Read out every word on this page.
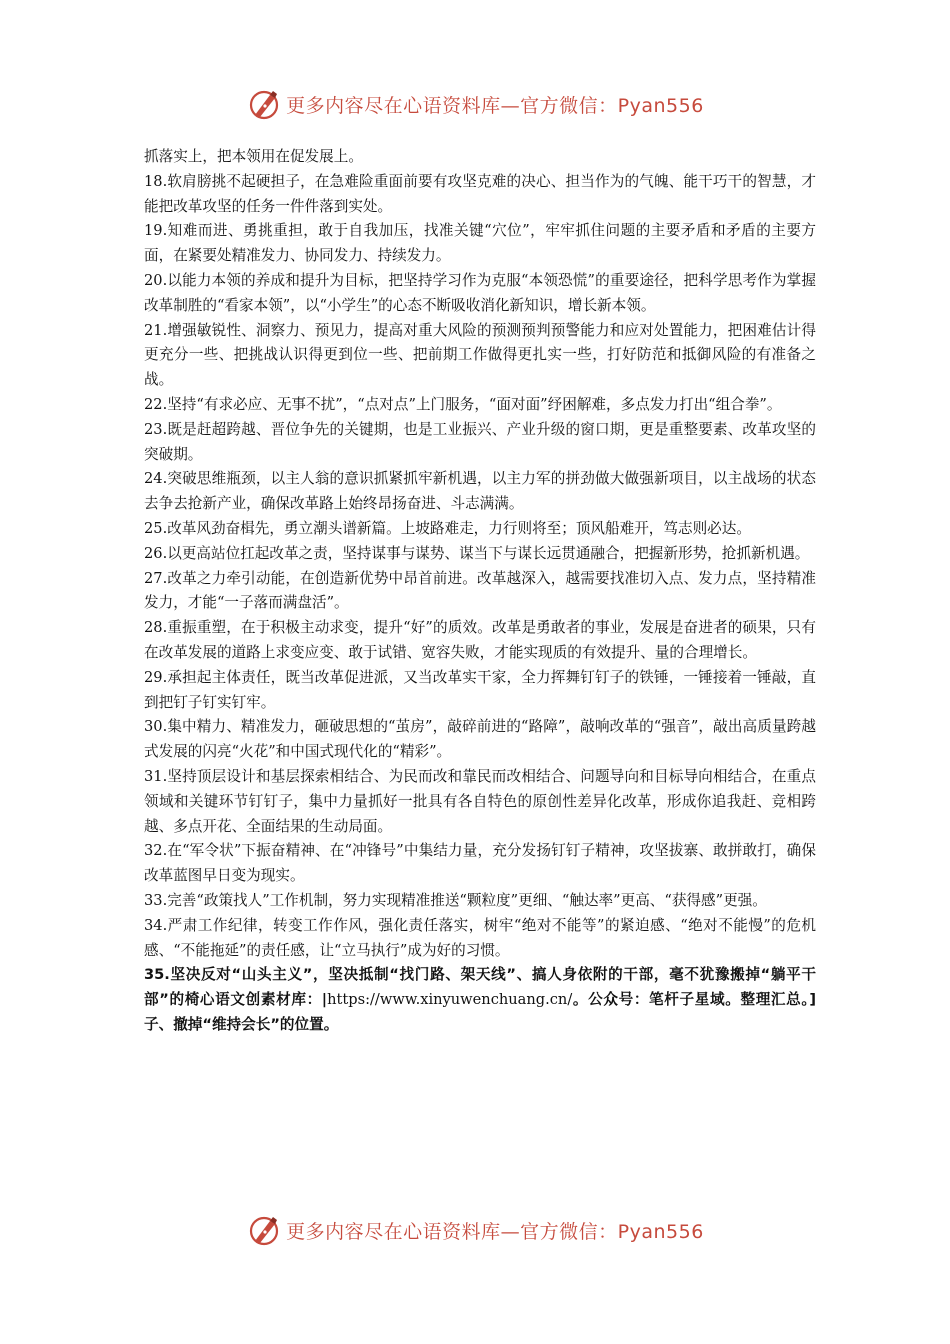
更多内容尽在心语资料库—官方微信：Pyan556

抓落实上，把本领用在促发展上。

18.软肩膀挑不起硬担子，在急难险重面前要有攻坚克难的决心、担当作为的气魄、能干巧干的智慧，才能把改革攻坚的任务一件件落到实处。

19.知难而进、勇挑重担，敢于自我加压，找准关键“穴位”，牢牢抓住问题的主要矛盾和矛盾的主要方面，在紧要处精准发力、协同发力、持续发力。

20.以能力本领的养成和提升为目标，把坚持学习作为克服“本领恐慌”的重要途径，把科学思考作为掌握改革制胜的“看家本领”，以“小学生”的心态不断吸收消化新知识，增长新本领。

21.增强敏锐性、洞察力、预见力，提高对重大风险的预测预判预警能力和应对处置能力，把困难估计得更充分一些、把挑战认识得更到位一些、把前期工作做得更扎实一些，打好防范和抵御风险的有准备之战。

22.坚持“有求必应、无事不扰”，“点对点”上门服务，“面对面”纾困解难，多点发力打出“组合拳”。

23.既是赶超跨越、晋位争先的关键期，也是工业振兴、产业升级的窗口期，更是重整要素、改革攻坚的突破期。

24.突破思维瓶颈，以主人翁的意识抓紧抓牢新机遇，以主力军的拼劲做大做强新项目，以主战场的状态去争去抢新产业，确保改革路上始终昂扬奋进、斗志满满。

25.改革风劲奋楫先，勇立潮头谱新篇。上坡路难走，力行则将至；顶风船难开，笃志则必达。

26.以更高站位扛起改革之责，坚持谋事与谋势、谋当下与谋长远贯通融合，把握新形势，抢抓新机遇。

27.改革之力牵引动能，在创造新优势中昂首前进。改革越深入，越需要找准切入点、发力点，坚持精准发力，才能“一子落而满盘活”。

28.重振重塑，在于积极主动求变，提升“好”的质效。改革是勇敢者的事业，发展是奋进者的硕果，只有在改革发展的道路上求变应变、敢于试错、宽容失败，才能实现质的有效提升、量的合理增长。

29.承担起主体责任，既当改革促进派，又当改革实干家，全力挥舞钉钉子的铁锤，一锤接着一锤敲，直到把钉子钉实钉牢。

30.集中精力、精准发力，砸破思想的“茧房”，敲碎前进的“路障”，敲响改革的“强音”，敲出高质量跨越式发展的闪亮“火花”和中国式现代化的“精彩”。

31.坚持顶层设计和基层探索相结合、为民而改和靠民而改相结合、问题导向和目标导向相结合，在重点领域和关键环节钉钉子，集中力量抓好一批具有各自特色的原创性差异化改革，形成你追我赶、竞相跨越、多点开花、全面结果的生动局面。

32.在“军令状”下振奋精神、在“冲锋号”中集结力量，充分发扬钉钉子精神，攻坚拔寨、敢拼敢打，确保改革蓝图早日变为现实。

33.完善“政策找人”工作机制，努力实现精准推送“颗粒度”更细、“触达率”更高、“获得感”更强。

34.严肃工作纪律，转变工作作风，强化责任落实，树牢“绝对不能等”的紧迫感、“绝对不能慢”的危机感、“不能拖延”的责任感，让“立马执行”成为好的习惯。

35.坚决反对“山头主义”，坚决抵制“找门路、架天线”、搞人身依附的干部，毫不犹豫搬掉“躺平干部”的椅心语文创素材库：|https://www.xinyuwenchuang.cn/。公众号：笔杆子星域。整理汇总。]子、撤掉“维持会长”的位置。

更多内容尽在心语资料库—官方微信：Pyan556
